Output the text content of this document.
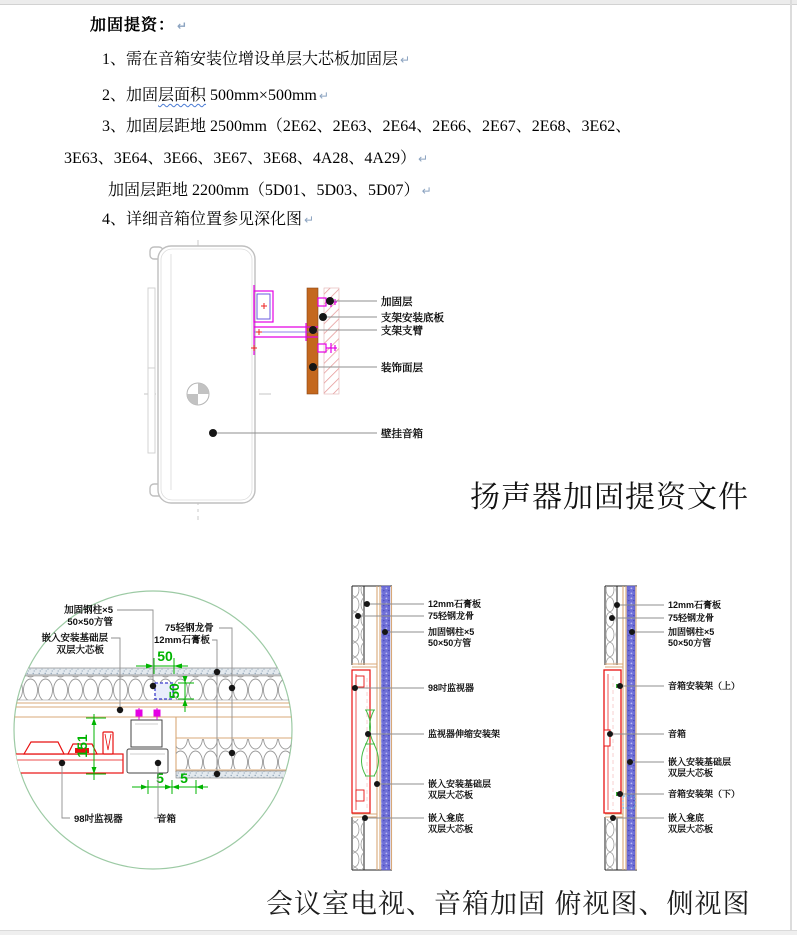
加固提资： ↵
1、需在音箱安装位增设单层大芯板加固层 ↵
2、加固层面积 500mm×500mm ↵
3、加固层距地 2500mm（2E62、2E63、2E64、2E66、2E67、2E68、3E62、
3E63、3E64、3E66、3E67、3E68、4A28、4A29） ↵
加固层距地 2200mm（5D01、5D03、5D07） ↵
4、详细音箱位置参见深化图 ↵
加固层
支架安装底板
支架支臂
装饰面层
壁挂音箱
扬声器加固提资文件
50
50
151
5 5
加固钢柱×5
50×50方管
75轻钢龙骨
12mm石膏板
嵌入安装基础层
双层大芯板
98吋监视器	音箱
12mm石膏板
75轻钢龙骨
加固钢柱×5
50×50方管
98吋监视器
监视器伸缩安装架
嵌入安装基础层
双层大芯板
嵌入龛底
双层大芯板
12mm石膏板
75轻钢龙骨
加固钢柱×5
50×50方管
音箱安装架（上）
音箱
嵌入安装基础层
双层大芯板
音箱安装架（下）
嵌入龛底
双层大芯板
会议室电视、音箱加固 俯视图、侧视图
